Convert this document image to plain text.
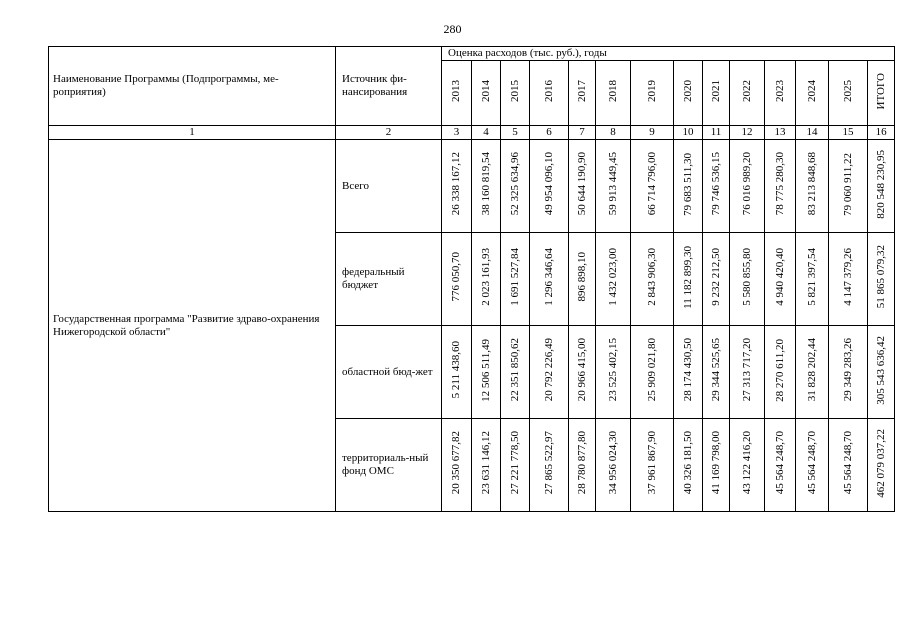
280
Наименование Программы (Подпрограммы, ме-роприятия)	Источник фи-нансирования	Оценка расходов (тыс. руб.), годы													
		2013	2014	2015	2016	2017	2018	2019	2020	2021	2022	2023	2024	2025	ИТОГО
1	2	3	4	5	6	7	8	9	10	11	12	13	14	15	16
Государственная программа "Развитие здраво-охранения Нижегородской области"	Всего	26 338 167,12	38 160 819,54	52 325 634,96	49 954 096,10	50 644 190,90	59 913 449,45	66 714 796,00	79 683 511,30	79 746 536,15	76 016 989,20	78 775 280,30	83 213 848,68	79 060 911,22	820 548 230,95
	федеральный бюджет	776 050,70	2 023 161,93	1 691 527,84	1 296 346,64	896 898,10	1 432 023,00	2 843 906,30	11 182 899,30	9 232 212,50	5 580 855,80	4 940 420,40	5 821 397,54	4 147 379,26	51 865 079,32
	областной бюд-жет	5 211 438,60	12 506 511,49	22 351 850,62	20 792 226,49	20 966 415,00	23 525 402,15	25 909 021,80	28 174 430,50	29 344 525,65	27 313 717,20	28 270 611,20	31 828 202,44	29 349 283,26	305 543 636,42
	территориаль-ный фонд ОМС	20 350 677,82	23 631 146,12	27 221 778,50	27 865 522,97	28 780 877,80	34 956 024,30	37 961 867,90	40 326 181,50	41 169 798,00	43 122 416,20	45 564 248,70	45 564 248,70	45 564 248,70	462 079 037,22
